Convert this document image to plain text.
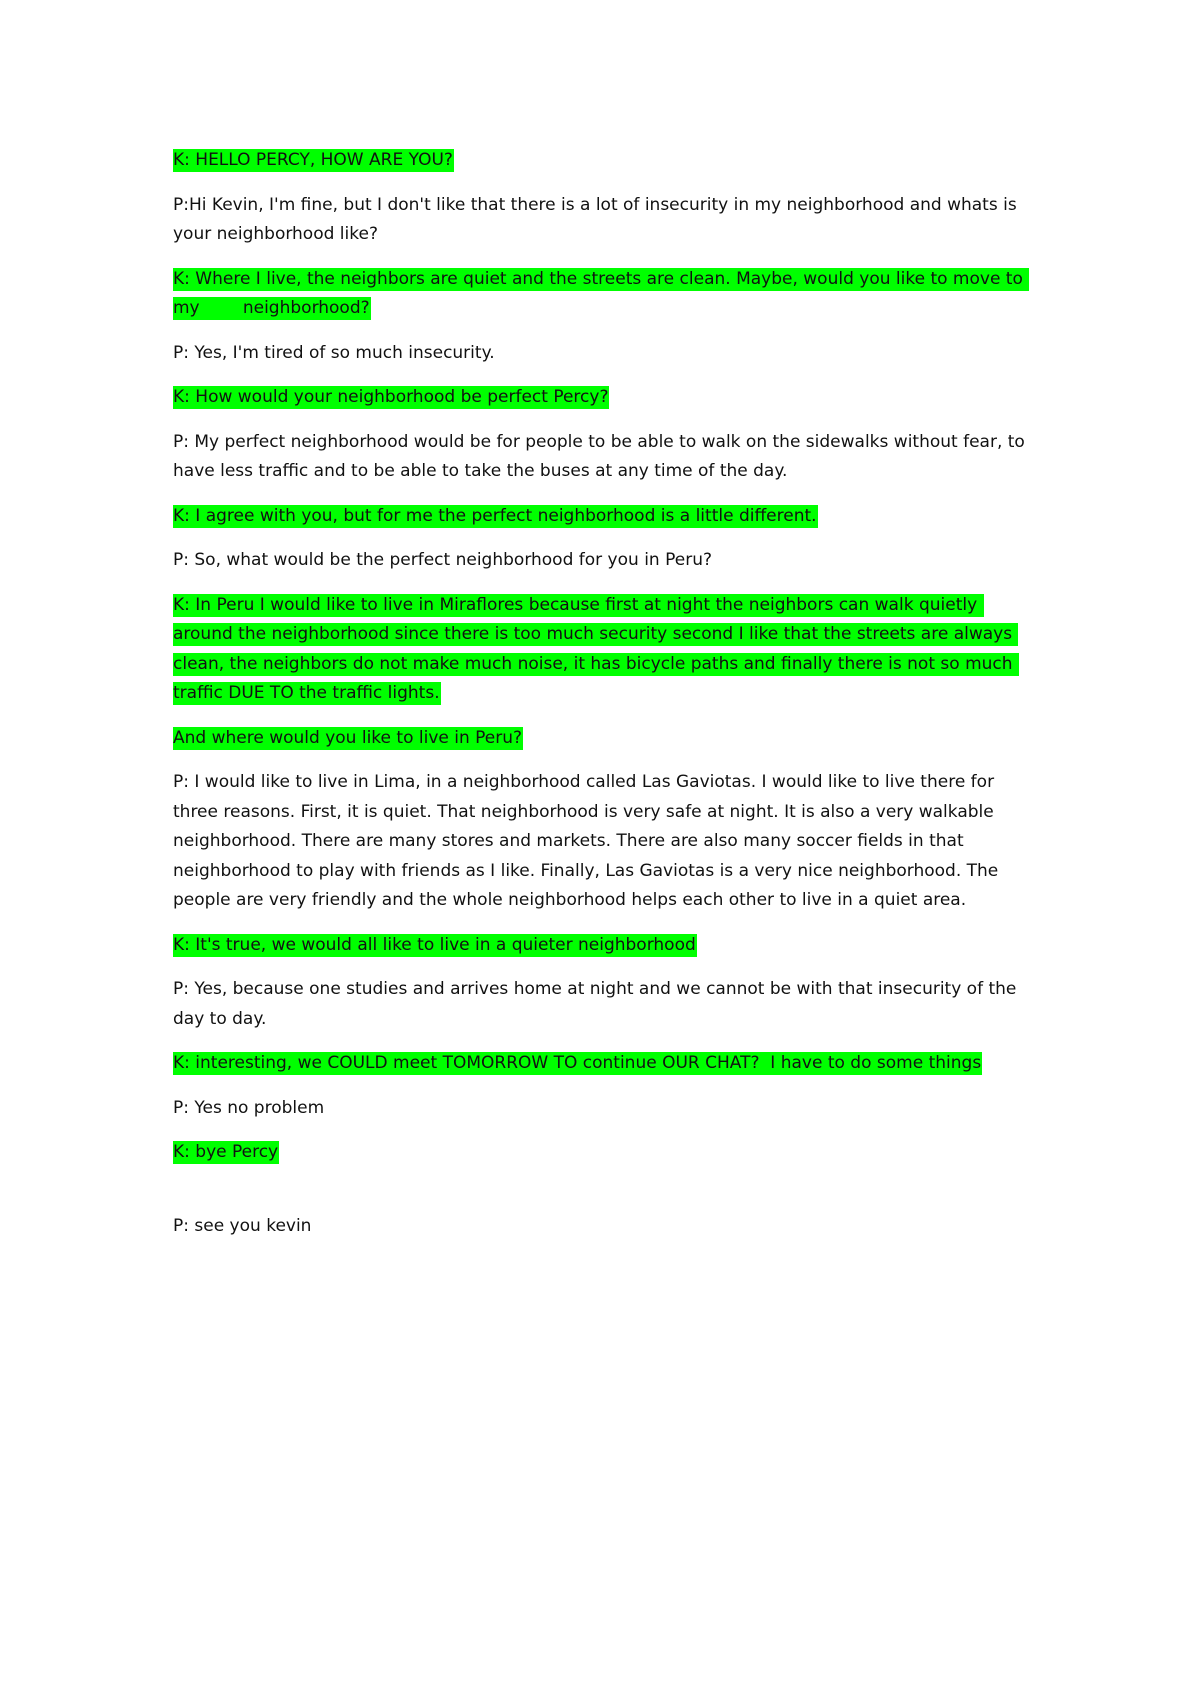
K: HELLO PERCY, HOW ARE YOU?

P:Hi Kevin, I'm fine, but I don't like that there is a lot of insecurity in my neighborhood and whats is your neighborhood like?

K: Where I live, the neighbors are quiet and the streets are clean. Maybe, would you like to move to my        neighborhood?

P: Yes, I'm tired of so much insecurity.

K: How would your neighborhood be perfect Percy?

P: My perfect neighborhood would be for people to be able to walk on the sidewalks without fear, to have less traffic and to be able to take the buses at any time of the day.

K: I agree with you, but for me the perfect neighborhood is a little different.

P: So, what would be the perfect neighborhood for you in Peru?

K: In Peru I would like to live in Miraflores because first at night the neighbors can walk quietly around the neighborhood since there is too much security second I like that the streets are always clean, the neighbors do not make much noise, it has bicycle paths and finally there is not so much traffic DUE TO the traffic lights.

And where would you like to live in Peru?

P: I would like to live in Lima, in a neighborhood called Las Gaviotas. I would like to live there for three reasons. First, it is quiet. That neighborhood is very safe at night. It is also a very walkable neighborhood. There are many stores and markets. There are also many soccer fields in that neighborhood to play with friends as I like. Finally, Las Gaviotas is a very nice neighborhood. The people are very friendly and the whole neighborhood helps each other to live in a quiet area.

K: It's true, we would all like to live in a quieter neighborhood

P: Yes, because one studies and arrives home at night and we cannot be with that insecurity of the day to day.

K: interesting, we COULD meet TOMORROW TO continue OUR CHAT?  I have to do some things

P: Yes no problem

K: bye Percy

P: see you kevin
